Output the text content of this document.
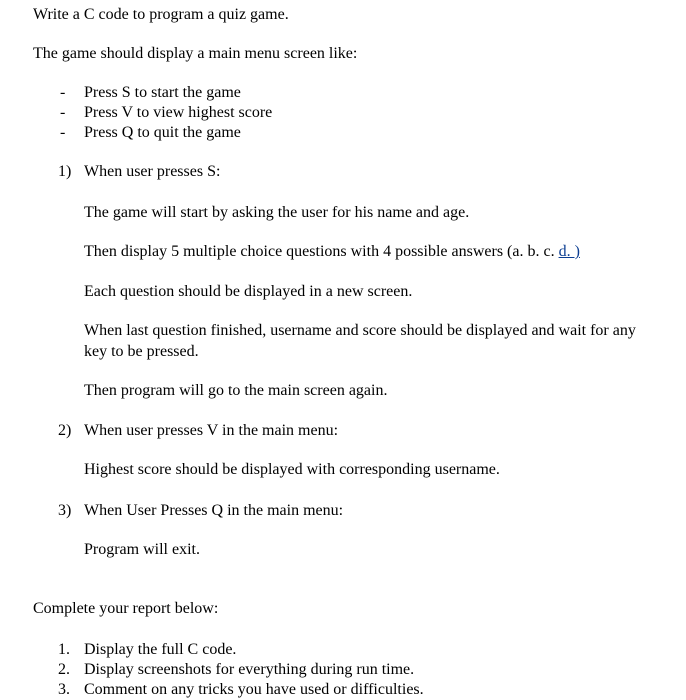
Write a C code to program a quiz game.
The game should display a main menu screen like:
-	Press S to start the game
-	Press V to view highest score
-	Press Q to quit the game
1) When user presses S:
The game will start by asking the user for his name and age.
Then display 5 multiple choice questions with 4 possible answers (a. b. c. d. )
Each question should be displayed in a new screen.
When last question finished, username and score should be displayed and wait for any
key to be pressed.
Then program will go to the main screen again.
2) When user presses V in the main menu:
Highest score should be displayed with corresponding username.
3) When User Presses Q in the main menu:
Program will exit.
Complete your report below:
1. Display the full C code.
2. Display screenshots for everything during run time.
3. Comment on any tricks you have used or difficulties.
